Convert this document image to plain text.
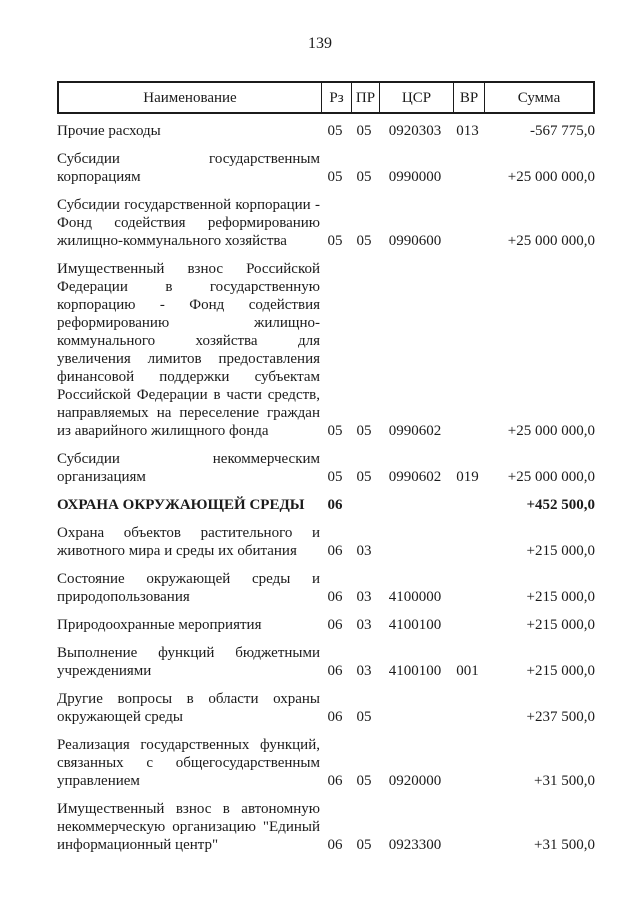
139
Наименование	Рз ПР	ЦСР	ВР	Сумма
Прочие расходы	05 05	0920303	013	-567 775,0
Субсидии государственным
корпорациям	05 05	0990000	+25 000 000,0
Субсидии государственной корпорации -
Фонд содействия реформированию
жилищно-коммунального хозяйства	05 05	0990600	+25 000 000,0
Имущественный взнос Российской
Федерации в государственную
корпорацию - Фонд содействия
реформированию жилищно-
коммунального хозяйства для
увеличения лимитов предоставления
финансовой поддержки субъектам
Российской Федерации в части средств,
направляемых на переселение граждан
из аварийного жилищного фонда	05 05	0990602	+25 000 000,0
Субсидии некоммерческим
организациям	05 05	0990602	019	+25 000 000,0
ОХРАНА ОКРУЖАЮЩЕЙ СРЕДЫ	06	+452 500,0
Охрана объектов растительного и
животного мира и среды их обитания	06 03	+215 000,0
Состояние окружающей среды и
природопользования	06 03	4100000	+215 000,0
Природоохранные мероприятия	06 03	4100100	+215 000,0
Выполнение функций бюджетными
учреждениями	06 03	4100100	001	+215 000,0
Другие вопросы в области охраны
окружающей среды	06 05	+237 500,0
Реализация государственных функций,
связанных с общегосударственным
управлением	06 05	0920000	+31 500,0
Имущественный взнос в автономную
некоммерческую организацию "Единый
информационный центр"	06 05	0923300	+31 500,0
